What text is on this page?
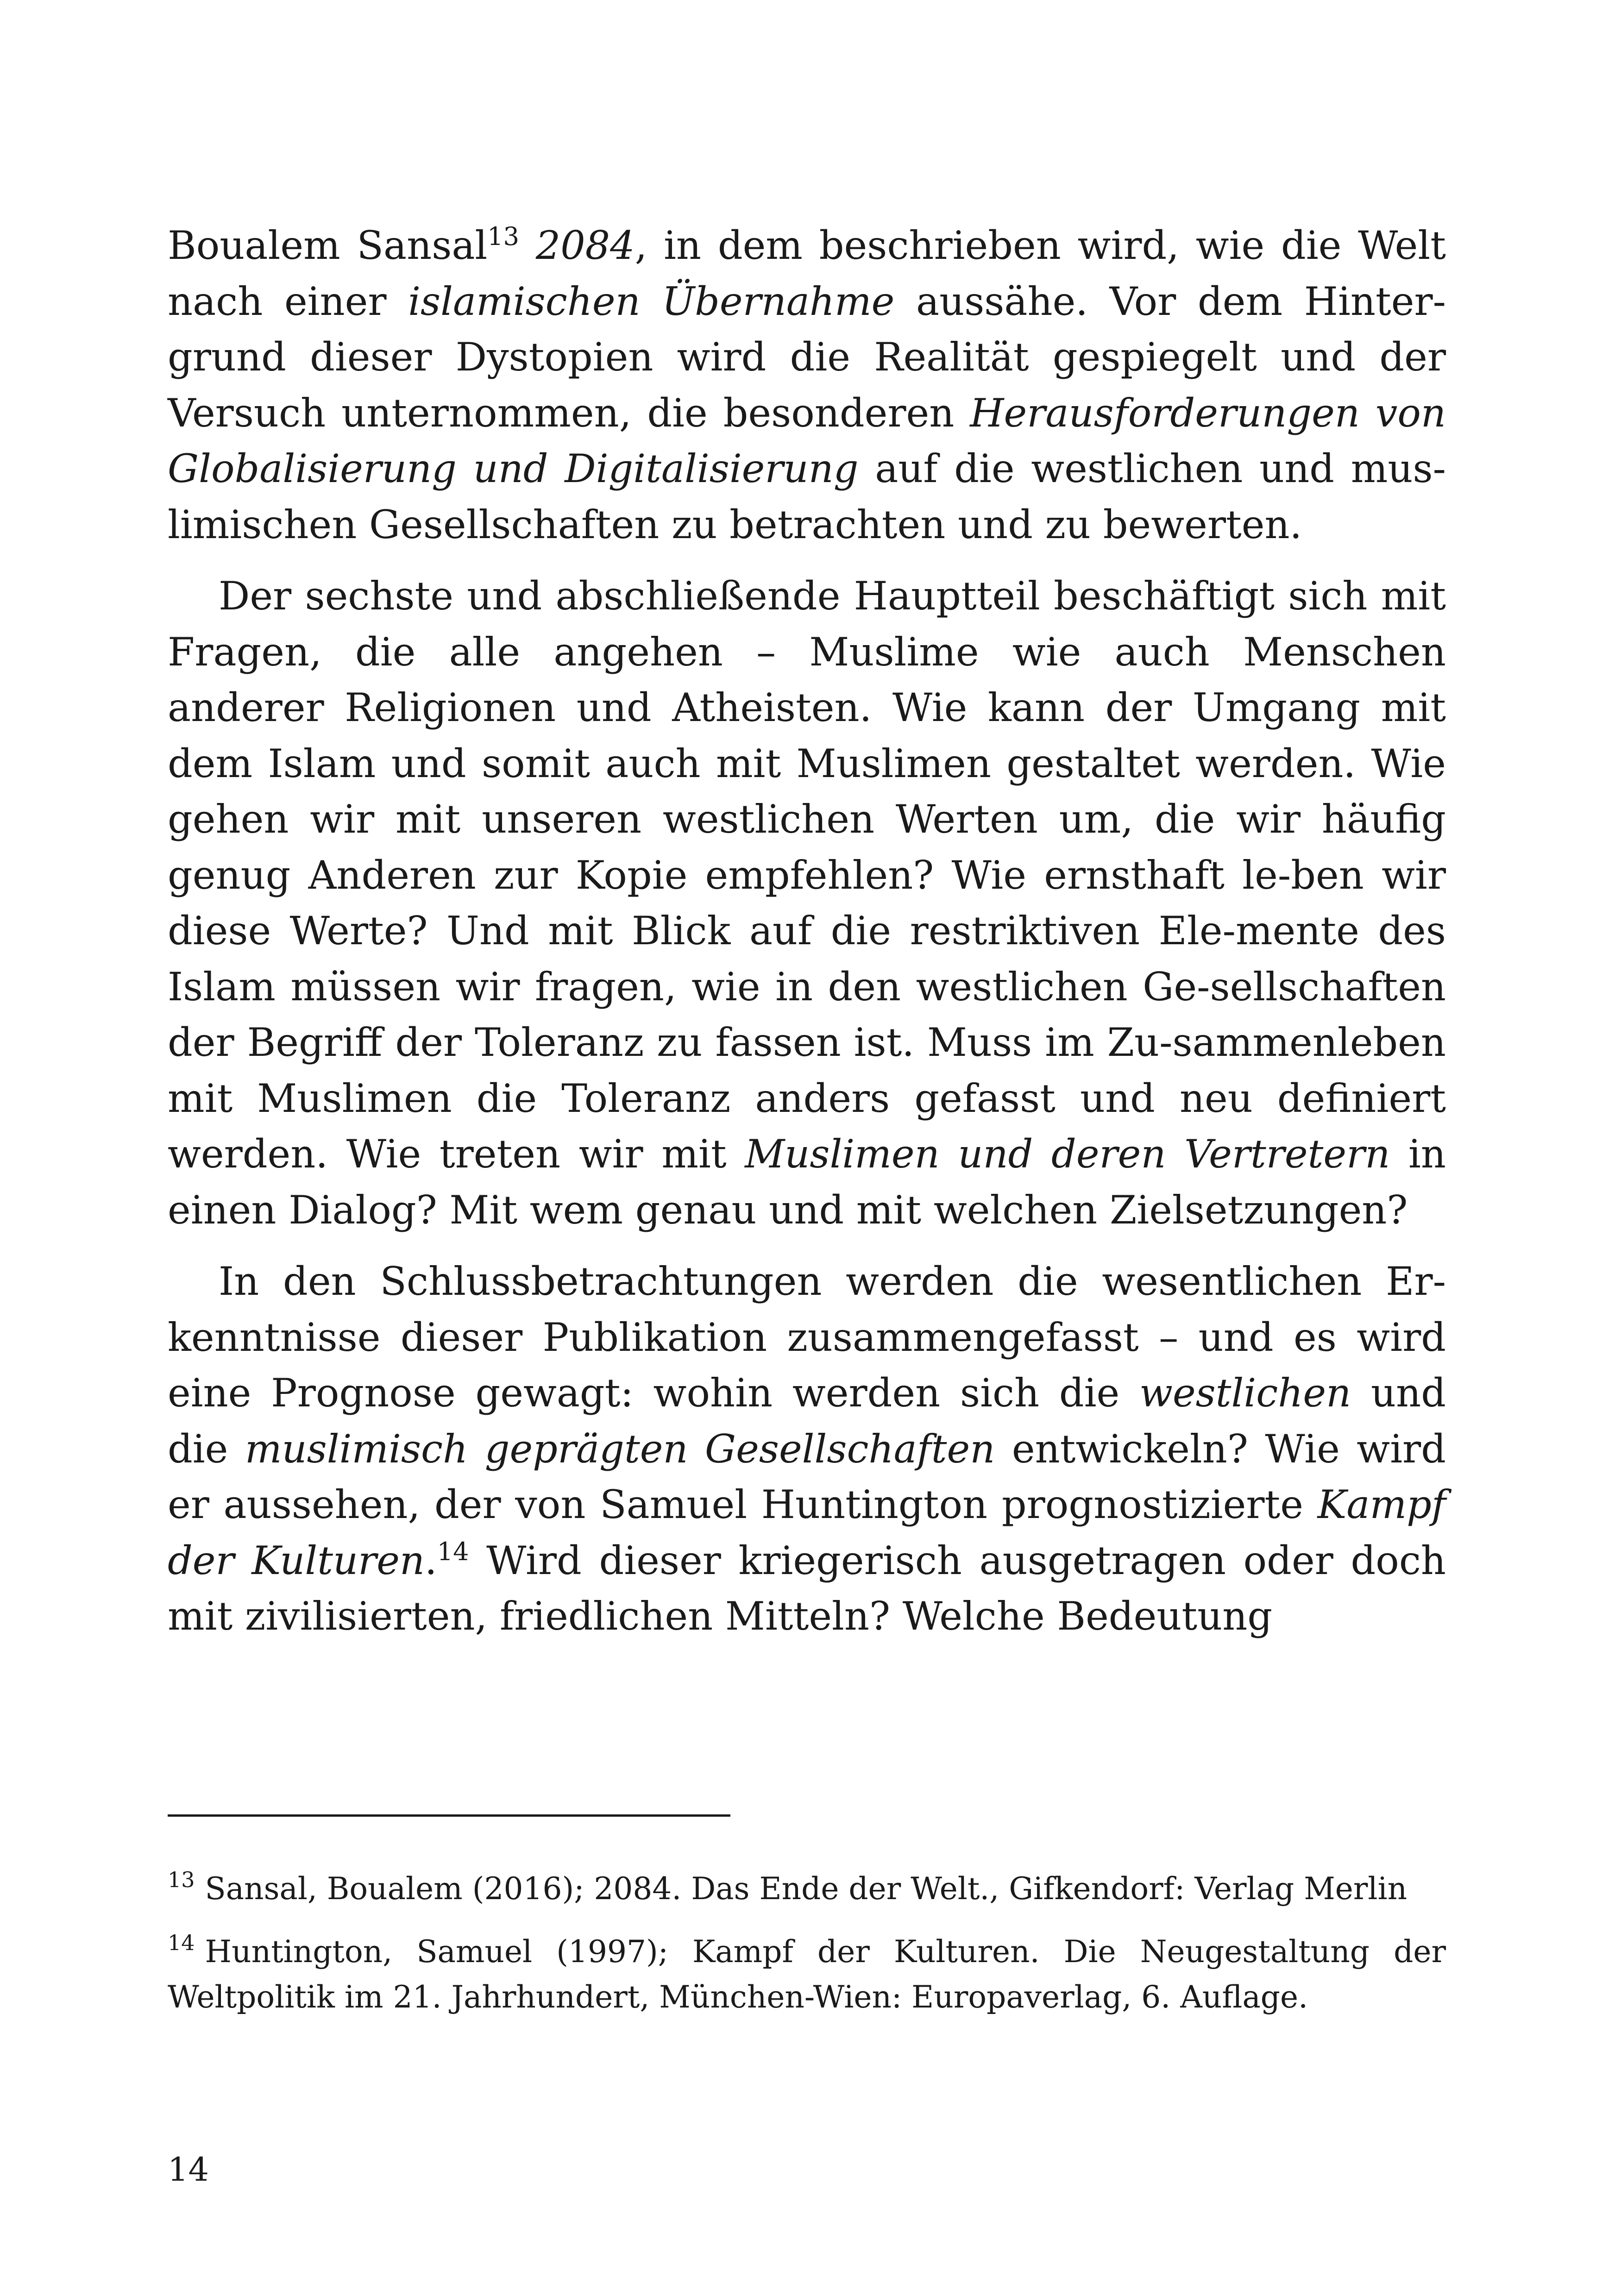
Boualem Sansal$^{13}$ 2084, in dem beschrieben wird, wie die Welt nach einer islamischen Übernahme aussähe. Vor dem Hinter-grund dieser Dystopien wird die Realität gespiegelt und der Versuch unternommen, die besonderen Herausforderungen von Globalisierung und Digitalisierung auf die westlichen und mus-limischen Gesellschaften zu betrachten und zu bewerten.

Der sechste und abschließende Hauptteil beschäftigt sich mit Fragen, die alle angehen – Muslime wie auch Menschen anderer Religionen und Atheisten. Wie kann der Umgang mit dem Islam und somit auch mit Muslimen gestaltet werden. Wie gehen wir mit unseren westlichen Werten um, die wir häufig genug Anderen zur Kopie empfehlen? Wie ernsthaft le-ben wir diese Werte? Und mit Blick auf die restriktiven Ele-mente des Islam müssen wir fragen, wie in den westlichen Ge-sellschaften der Begriff der Toleranz zu fassen ist. Muss im Zu-sammenleben mit Muslimen die Toleranz anders gefasst und neu definiert werden. Wie treten wir mit Muslimen und deren Vertretern in einen Dialog? Mit wem genau und mit welchen Zielsetzungen?

In den Schlussbetrachtungen werden die wesentlichen Er-kenntnisse dieser Publikation zusammengefasst – und es wird eine Prognose gewagt: wohin werden sich die westlichen und die muslimisch geprägten Gesellschaften entwickeln? Wie wird er aussehen, der von Samuel Huntington prognostizierte Kampf der Kulturen.$^{14}$ Wird dieser kriegerisch ausgetragen oder doch mit zivilisierten, friedlichen Mitteln? Welche Bedeutung

$^{13}$ Sansal, Boualem (2016); 2084. Das Ende der Welt., Gifkendorf: Verlag Merlin

$^{14}$ Huntington, Samuel (1997); Kampf der Kulturen. Die Neugestaltung der Weltpolitik im 21. Jahrhundert, München-Wien: Europaverlag, 6. Auflage.

14
